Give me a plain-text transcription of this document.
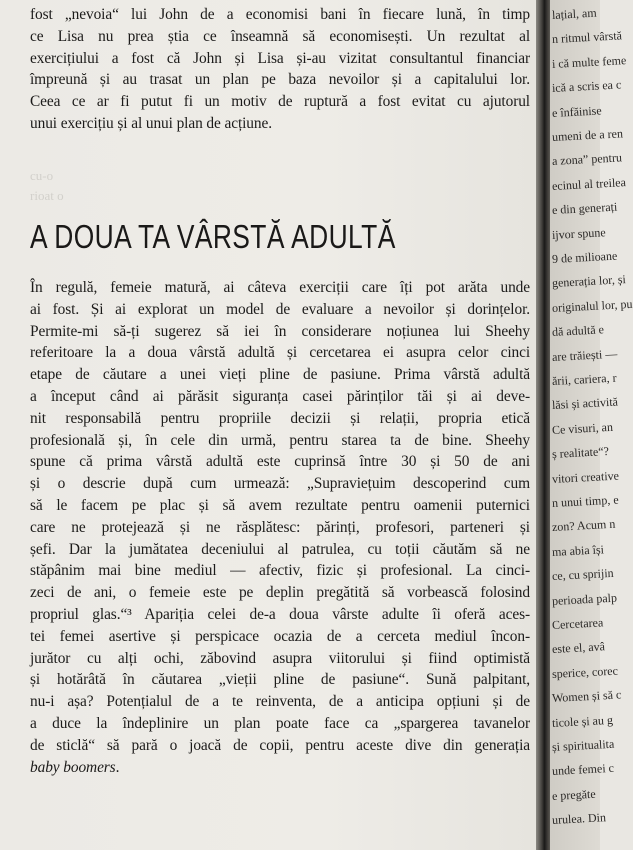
cu-o
rioat o
fost „nevoia“ lui John de a economisi bani în fiecare lună, în timp
ce Lisa nu prea știa ce înseamnă să economisești. Un rezultat al
exercițiului a fost că John și Lisa și-au vizitat consultantul financiar
împreună și au trasat un plan pe baza nevoilor și a capitalului lor.
Ceea ce ar fi putut fi un motiv de ruptură a fost evitat cu ajutorul
unui exercițiu și al unui plan de acțiune.
A DOUA TA VÂRSTĂ ADULTĂ
În regulă, femeie matură, ai câteva exerciții care îți pot arăta unde
ai fost. Și ai explorat un model de evaluare a nevoilor și dorințelor.
Permite-mi să-ți sugerez să iei în considerare noțiunea lui Sheehy
referitoare la a doua vârstă adultă și cercetarea ei asupra celor cinci
etape de căutare a unei vieți pline de pasiune. Prima vârstă adultă
a început când ai părăsit siguranța casei părinților tăi și ai deve-
nit responsabilă pentru propriile decizii și relații, propria etică
profesională și, în cele din urmă, pentru starea ta de bine. Sheehy
spune că prima vârstă adultă este cuprinsă între 30 și 50 de ani
și o descrie după cum urmează: „Supraviețuim descoperind cum
să le facem pe plac și să avem rezultate pentru oamenii puternici
care ne protejează și ne răsplătesc: părinți, profesori, parteneri și
șefi. Dar la jumătatea deceniului al patrulea, cu toții căutăm să ne
stăpânim mai bine mediul — afectiv, fizic și profesional. La cinci-
zeci de ani, o femeie este pe deplin pregătită să vorbească folosind
propriul glas.“³ Apariția celei de-a doua vârste adulte îi oferă aces-
tei femei asertive și perspicace ocazia de a cerceta mediul încon-
jurător cu alți ochi, zăbovind asupra viitorului și fiind optimistă
și hotărâtă în căutarea „vieții pline de pasiune“. Sună palpitant,
nu-i așa? Potențialul de a te reinventa, de a anticipa opțiuni și de
a duce la îndeplinire un plan poate face ca „spargerea tavanelor
de sticlă“ să pară o joacă de copii, pentru aceste dive din generația
baby boomers.
lațial, am
n ritmul vârstă
i că multe feme
ică a scris ea c
e înfăinise
umeni de a ren
a zonaˮ pentru
ecinul al treilea
e din generați
ijvor spune
9 de milioane
generația lor, și
originalul lor, pu
dă adultă e
are trăiești —
ării, cariera, r
lăsi și activită
Ce visuri, an
ș realitate“?
vitori creative
n unui timp, e
zon? Acum n
ma abia își
ce, cu sprijin
perioada palp
Cercetarea
este el, avâ
sperice, corec
Women și să c
ticole și au g
și spiritualita
unde femei c
e pregăte
urulea. Din
